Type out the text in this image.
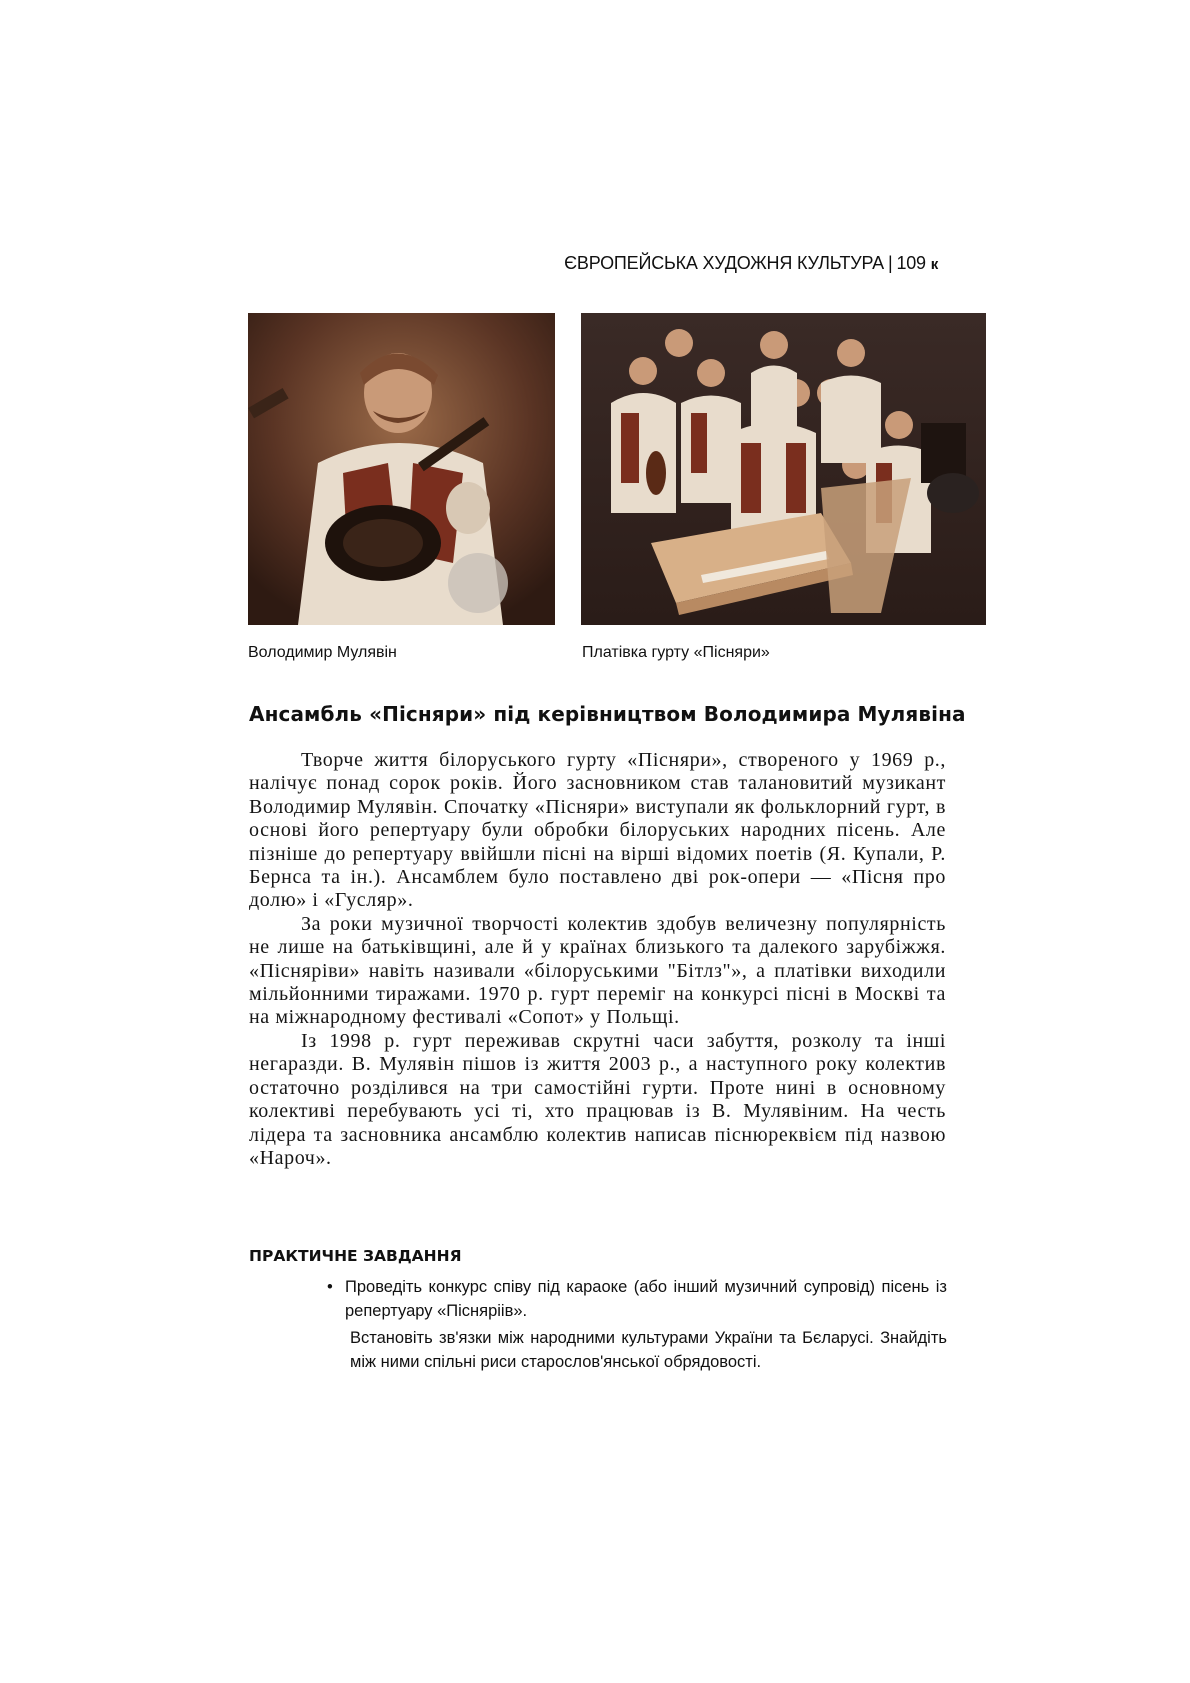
ЄВРОПЕЙСЬКА ХУДОЖНЯ КУЛЬТУРА | 109 к
Володимир Мулявін	Платівка гурту «Пісняри»
Ансамбль «Пісняри» під керівництвом Володимира Мулявіна

Творче життя білоруського гурту «Пісняри», створеного у 1969 р., налічує понад сорок років. Його засновником став талановитий музикант Володимир Мулявін. Спочатку «Пісняри» виступали як фольклорний гурт, в основі його репертуару були обробки білоруських народних пісень. Але пізніше до репертуару ввійшли пісні на вірші відомих поетів (Я. Купали, Р. Бернса та ін.). Ансамблем було поставлено дві рок-опери — «Пісня про долю» і «Гусляр».

За роки музичної творчості колектив здобув величезну популярність не лише на батьківщині, але й у країнах близького та далекого зарубіжжя. «Пісняріви» навіть називали «білоруськими "Бітлз"», а платівки виходили мільйонними тиражами. 1970 р. гурт переміг на конкурсі пісні в Москві та на міжнародному фестивалі «Сопот» у Польщі.

Із 1998 р. гурт переживав скрутні часи забуття, розколу та інші негаразди. В. Мулявін пішов із життя 2003 р., а наступного року колектив остаточно розділився на три самостійні гурти. Проте нині в основному колективі перебувають усі ті, хто працював із В. Мулявіним. На честь лідера та засновника ансамблю колектив написав піснюреквієм під назвою «Нароч».

ПРАКТИЧНЕ ЗАВДАННЯ
• Проведіть конкурс співу під караоке (або інший музичний супровід) пісень із репертуару «Пісняріів».
Встановіть зв'язки між народними культурами України та Бєларусі. Знайдіть між ними спільні риси старослов'янської обрядовості.
